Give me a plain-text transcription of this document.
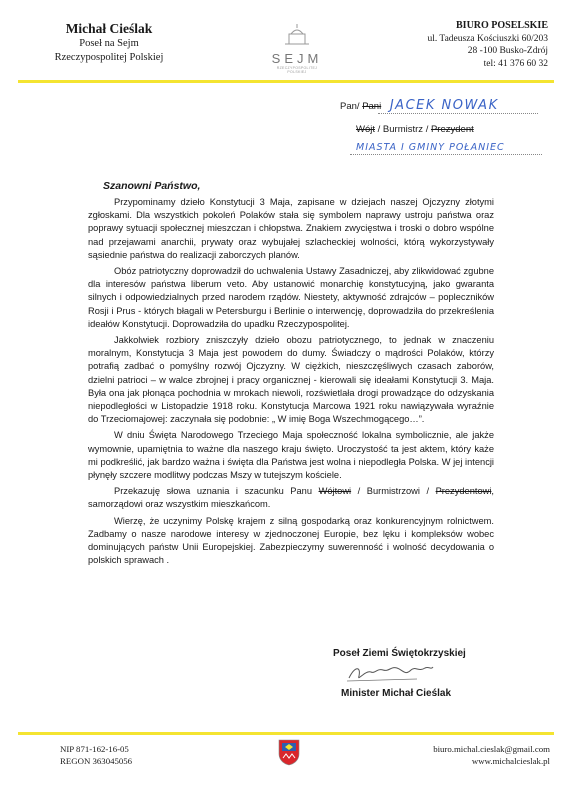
Michał Cieślak
Poseł na Sejm
Rzeczypospolitej Polskiej	SEJM
RZECZYPOSPOLITEJ POLSKIEJ
BIURO POSELSKIE
ul. Tadeusza Kościuszki 60/203
28 -100 Busko-Zdrój
tel: 41 376 60 32
Pan/ Pani JACEK NOWAK
Wójt / Burmistrz / Prezydent
MIASTA I GMINY POŁANIEC
Szanowni Państwo,

Przypominamy dzieło Konstytucji 3 Maja, zapisane w dziejach naszej Ojczyzny złotymi zgłoskami. Dla wszystkich pokoleń Polaków stała się symbolem naprawy ustroju państwa oraz poprawy sytuacji społecznej mieszczan i chłopstwa. Znakiem zwycięstwa i troski o dobro wspólne nad przejawami anarchii, prywaty oraz wybujałej szlacheckiej wolności, którą wykorzystywały sąsiednie państwa do realizacji zaborczych planów.

Obóz patriotyczny doprowadził do uchwalenia Ustawy Zasadniczej, aby zlikwidować zgubne dla interesów państwa liberum veto. Aby ustanowić monarchię konstytucyjną, jako gwaranta silnych i odpowiedzialnych przed narodem rządów. Niestety, aktywność zdrajców – popleczników Rosji i Prus - których błagali w Petersburgu i Berlinie o interwencję, doprowadziła do przekreślenia ideałów Konstytucji. Doprowadziła do upadku Rzeczypospolitej.

Jakkolwiek rozbiory zniszczyły dzieło obozu patriotycznego, to jednak w znaczeniu moralnym, Konstytucja 3 Maja jest powodem do dumy. Świadczy o mądrości Polaków, którzy potrafią zadbać o pomyślny rozwój Ojczyzny. W ciężkich, nieszczęśliwych czasach zaborów, dzielni patrioci – w walce zbrojnej i pracy organicznej - kierowali się ideałami Konstytucji 3. Maja. Była ona jak płonąca pochodnia w mrokach niewoli, rozświetlała drogi prowadzące do odzyskania niepodległości w Listopadzie 1918 roku. Konstytucja Marcowa 1921 roku nawiązywała wyraźnie do Trzeciomajowej: zaczynała się podobnie: „ W imię Boga Wszechmogącego…”.

W dniu Święta Narodowego Trzeciego Maja społeczność lokalna symbolicznie, ale jakże wymownie, upamiętnia to ważne dla naszego kraju święto. Uroczystość ta jest aktem, który każe mi podkreślić, jak bardzo ważna i święta dla Państwa jest wolna i niepodległa Polska. W jej intencji płynęły szczere modlitwy podczas Mszy w tutejszym kościele.

Przekazuję słowa uznania i szacunku Panu Wójtowi / Burmistrzowi / Prezydentowi, samorządowi oraz wszystkim mieszkańcom.

Wierzę, że uczynimy Polskę krajem z silną gospodarką oraz konkurencyjnym rolnictwem. Zadbamy o nasze narodowe interesy w zjednoczonej Europie, bez lęku i kompleksów wobec dominujących państw Unii Europejskiej. Zabezpieczymy suwerenność i wolność decydowania o polskich sprawach .

Poseł Ziemi Świętokrzyskiej
Minister Michał Cieślak
NIP 871-162-16-05
REGON 363045056
biuro.michal.cieslak@gmail.com
www.michalcieslak.pl
